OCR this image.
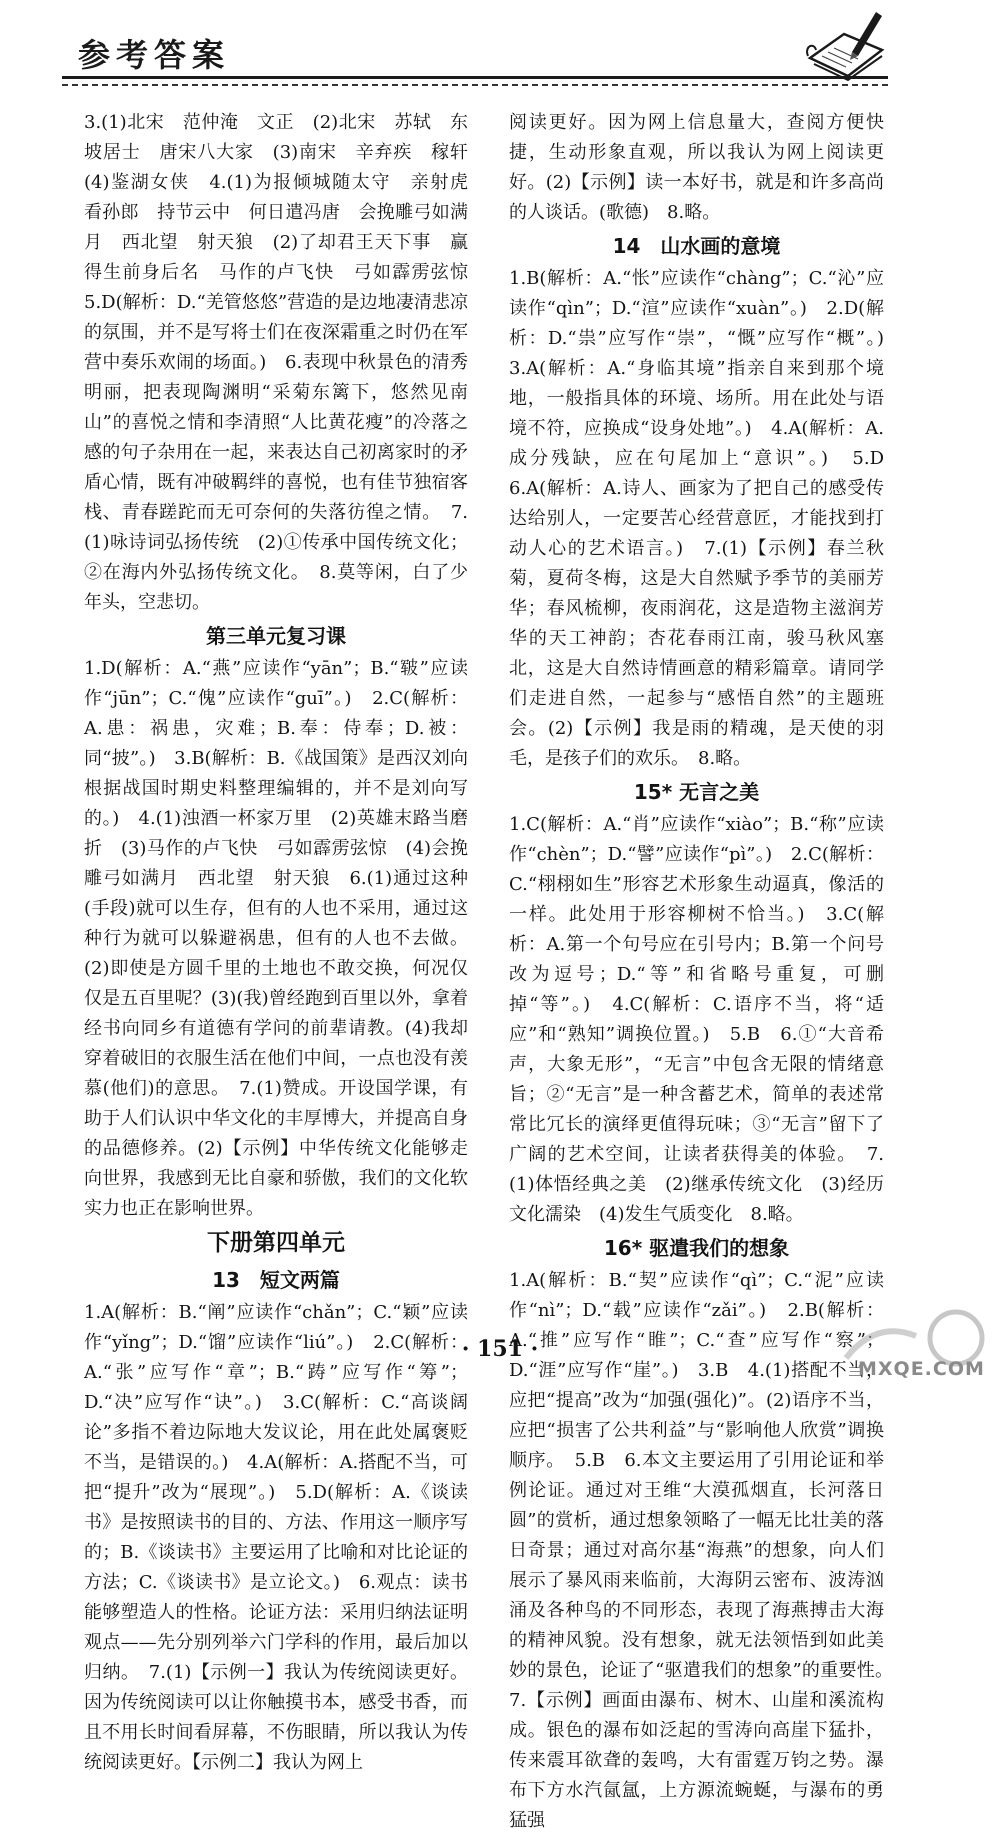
参考答案

3.(1)北宋　范仲淹　文正　(2)北宋　苏轼　东坡居士　唐宋八大家　(3)南宋　辛弃疾　稼轩　(4)鉴湖女侠　4.(1)为报倾城随太守　亲射虎　看孙郎　持节云中　何日遣冯唐　会挽雕弓如满月　西北望　射天狼　(2)了却君王天下事　赢得生前身后名　马作的卢飞快　弓如霹雳弦惊　5.D(解析：D.“羌管悠悠”营造的是边地凄清悲凉的氛围，并不是写将士们在夜深霜重之时仍在军营中奏乐欢闹的场面。)　6.表现中秋景色的清秀明丽，把表现陶渊明“采菊东篱下，悠然见南山”的喜悦之情和李清照“人比黄花瘦”的冷落之感的句子杂用在一起，来表达自己初离家时的矛盾心情，既有冲破羁绊的喜悦，也有佳节独宿客栈、青春蹉跎而无可奈何的失落彷徨之情。　7.(1)咏诗词弘扬传统　(2)①传承中国传统文化；②在海内外弘扬传统文化。　8.莫等闲，白了少年头，空悲切。

第三单元复习课

1.D(解析：A.“燕”应读作“yān”；B.“皲”应读作“jūn”；C.“傀”应读作“guī”。)　2.C(解析：A.患：祸患，灾难；B.奉：侍奉；D.被：同“披”。)　3.B(解析：B.《战国策》是西汉刘向根据战国时期史料整理编辑的，并不是刘向写的。)　4.(1)浊酒一杯家万里　(2)英雄末路当磨折　(3)马作的卢飞快　弓如霹雳弦惊　(4)会挽雕弓如满月　西北望　射天狼　6.(1)通过这种(手段)就可以生存，但有的人也不采用，通过这种行为就可以躲避祸患，但有的人也不去做。(2)即使是方圆千里的土地也不敢交换，何况仅仅是五百里呢？(3)(我)曾经跑到百里以外，拿着经书向同乡有道德有学问的前辈请教。(4)我却穿着破旧的衣服生活在他们中间，一点也没有羡慕(他们)的意思。　7.(1)赞成。开设国学课，有助于人们认识中华文化的丰厚博大，并提高自身的品德修养。(2)【示例】中华传统文化能够走向世界，我感到无比自豪和骄傲，我们的文化软实力也正在影响世界。

下册第四单元
13　短文两篇

1.A(解析：B.“阐”应读作“chǎn”；C.“颖”应读作“yǐng”；D.“馏”应读作“liú”。)　2.C(解析：A.“张”应写作“章”；B.“踌”应写作“筹”；D.“决”应写作“诀”。)　3.C(解析：C.“高谈阔论”多指不着边际地大发议论，用在此处属褒贬不当，是错误的。)　4.A(解析：A.搭配不当，可把“提升”改为“展现”。)　5.D(解析：A.《谈读书》是按照读书的目的、方法、作用这一顺序写的；B.《谈读书》主要运用了比喻和对比论证的方法；C.《谈读书》是立论文。)　6.观点：读书能够塑造人的性格。论证方法：采用归纳法证明观点——先分别列举六门学科的作用，最后加以归纳。　7.(1)【示例一】我认为传统阅读更好。因为传统阅读可以让你触摸书本，感受书香，而且不用长时间看屏幕，不伤眼睛，所以我认为传统阅读更好。【示例二】我认为网上

阅读更好。因为网上信息量大，查阅方便快捷，生动形象直观，所以我认为网上阅读更好。(2)【示例】读一本好书，就是和许多高尚的人谈话。(歌德)　8.略。

14　山水画的意境

1.B(解析：A.“怅”应读作“chàng”；C.“沁”应读作“qìn”；D.“渲”应读作“xuàn”。)　2.D(解析：D.“祟”应写作“崇”，“慨”应写作“概”。)　3.A(解析：A.“身临其境”指亲自来到那个境地，一般指具体的环境、场所。用在此处与语境不符，应换成“设身处地”。)　4.A(解析：A.成分残缺，应在句尾加上“意识”。)　5.D　6.A(解析：A.诗人、画家为了把自己的感受传达给别人，一定要苦心经营意匠，才能找到打动人心的艺术语言。)　7.(1)【示例】春兰秋菊，夏荷冬梅，这是大自然赋予季节的美丽芳华；春风梳柳，夜雨润花，这是造物主滋润芳华的天工神韵；杏花春雨江南，骏马秋风塞北，这是大自然诗情画意的精彩篇章。请同学们走进自然，一起参与“感悟自然”的主题班会。(2)【示例】我是雨的精魂，是天使的羽毛，是孩子们的欢乐。　8.略。

15* 无言之美

1.C(解析：A.“肖”应读作“xiào”；B.“称”应读作“chèn”；D.“譬”应读作“pì”。)　2.C(解析：C.“栩栩如生”形容艺术形象生动逼真，像活的一样。此处用于形容柳树不恰当。)　3.C(解析：A.第一个句号应在引号内；B.第一个问号改为逗号；D.“等”和省略号重复，可删掉“等”。)　4.C(解析：C.语序不当，将“适应”和“熟知”调换位置。)　5.B　6.①“大音希声，大象无形”，“无言”中包含无限的情绪意旨；②“无言”是一种含蓄艺术，简单的表述常常比冗长的演绎更值得玩味；③“无言”留下了广阔的艺术空间，让读者获得美的体验。　7.(1)体悟经典之美　(2)继承传统文化　(3)经历文化濡染　(4)发生气质变化　8.略。

16* 驱遣我们的想象

1.A(解析：B.“契”应读作“qì”；C.“泥”应读作“nì”；D.“载”应读作“zǎi”。)　2.B(解析：A.“推”应写作“睢”；C.“查”应写作“察”；D.“涯”应写作“崖”。)　3.B　4.(1)搭配不当，应把“提高”改为“加强(强化)”。(2)语序不当，应把“损害了公共利益”与“影响他人欣赏”调换顺序。　5.B　6.本文主要运用了引用论证和举例论证。通过对王维“大漠孤烟直，长河落日圆”的赏析，通过想象领略了一幅无比壮美的落日奇景；通过对高尔基“海燕”的想象，向人们展示了暴风雨来临前，大海阴云密布、波涛汹涌及各种鸟的不同形态，表现了海燕搏击大海的精神风貌。没有想象，就无法领悟到如此美妙的景色，论证了“驱遣我们的想象”的重要性。　7.【示例】画面由瀑布、树木、山崖和溪流构成。银色的瀑布如泛起的雪涛向高崖下猛扑，传来震耳欲聋的轰鸣，大有雷霆万钧之势。瀑布下方水汽氤氲，上方源流蜿蜒，与瀑布的勇猛强

· 151 ·
MXQE.COM
